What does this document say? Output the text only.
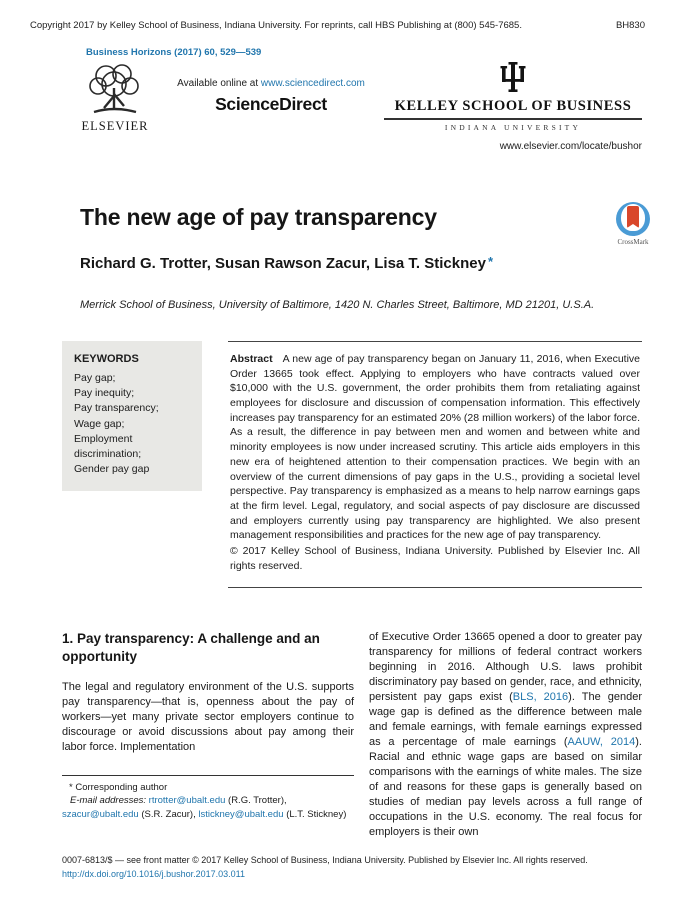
Copyright 2017 by Kelley School of Business, Indiana University. For reprints, call HBS Publishing at (800) 545-7685.	BH830
Business Horizons (2017) 60, 529—539
ELSEVIER
Available online at www.sciencedirect.com
ScienceDirect	KELLEY SCHOOL OF BUSINESS
INDIANA UNIVERSITY
www.elsevier.com/locate/bushor
The new age of pay transparency
CrossMark
Richard G. Trotter, Susan Rawson Zacur, Lisa T. Stickney *
Merrick School of Business, University of Baltimore, 1420 N. Charles Street, Baltimore, MD 21201, U.S.A.
KEYWORDS
Pay gap;
Pay inequity;
Pay transparency;
Wage gap;
Employment discrimination;
Gender pay gap
Abstract A new age of pay transparency began on January 11, 2016, when Executive Order 13665 took effect. Applying to employers who have contracts valued over $10,000 with the U.S. government, the order prohibits them from retaliating against employees for disclosure and discussion of compensation information. This effectively increases pay transparency for an estimated 20% (28 million workers) of the labor force. As a result, the difference in pay between men and women and between white and minority employees is now under increased scrutiny. This article aids employers in this new era of heightened attention to their compensation practices. We begin with an overview of the current dimensions of pay gaps in the U.S., providing a societal level perspective. Pay transparency is emphasized as a means to help narrow earnings gaps at the firm level. Legal, regulatory, and social aspects of pay disclosure are discussed and employers currently using pay transparency are highlighted. We also present management responsibilities and practices for the new age of pay transparency.
© 2017 Kelley School of Business, Indiana University. Published by Elsevier Inc. All rights reserved.
1. Pay transparency: A challenge and an opportunity

The legal and regulatory environment of the U.S. supports pay transparency—that is, openness about the pay of workers—yet many private sector employers continue to discourage or avoid discussions about pay among their labor force. Implementation

* Corresponding author
E-mail addresses: rtrotter@ubalt.edu (R.G. Trotter), szacur@ubalt.edu (S.R. Zacur), lstickney@ubalt.edu (L.T. Stickney)
of Executive Order 13665 opened a door to greater pay transparency for millions of federal contract workers beginning in 2016. Although U.S. laws prohibit discriminatory pay based on gender, race, and ethnicity, persistent pay gaps exist (BLS, 2016). The gender wage gap is defined as the difference between male and female earnings, with female earnings expressed as a percentage of male earnings (AAUW, 2014). Racial and ethnic wage gaps are based on similar comparisons with the earnings of white males. The size of and reasons for these gaps is generally based on studies of median pay levels across a full range of occupations in the U.S. economy. The real focus for employers is their own
0007-6813/$ — see front matter © 2017 Kelley School of Business, Indiana University. Published by Elsevier Inc. All rights reserved.
http://dx.doi.org/10.1016/j.bushor.2017.03.011
